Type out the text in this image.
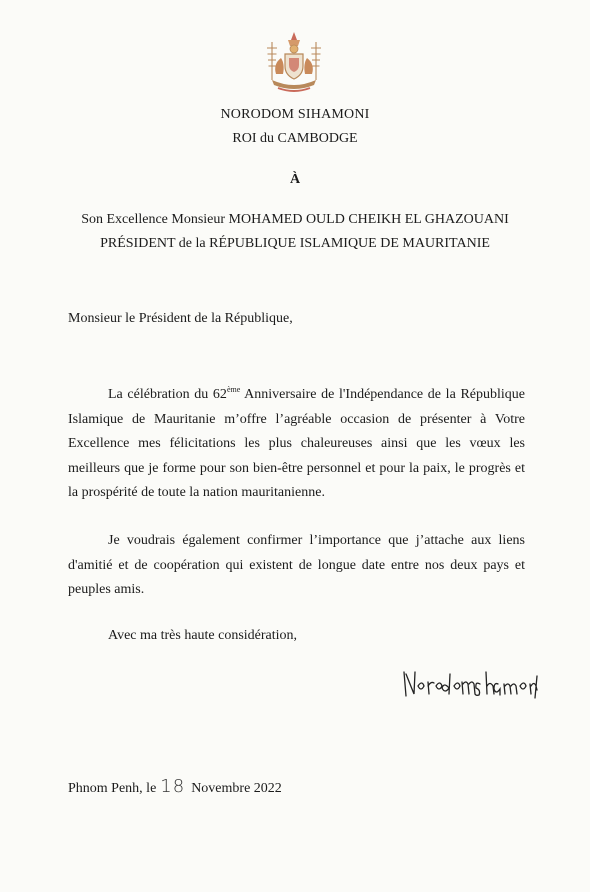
NORODOM SIHAMONI
ROI du CAMBODGE
À
Son Excellence Monsieur MOHAMED OULD CHEIKH EL GHAZOUANI
PRÉSIDENT de la RÉPUBLIQUE ISLAMIQUE DE MAURITANIE
Monsieur le Président de la République,

La célébration du 62ème Anniversaire de l'Indépendance de la République Islamique de Mauritanie m’offre l’agréable occasion de présenter à Votre Excellence mes félicitations les plus chaleureuses ainsi que les vœux les meilleurs que je forme pour son bien-être personnel et pour la paix, le progrès et la prospérité de toute la nation mauritanienne.

Je voudrais également confirmer l’importance que j’attache aux liens d'amitié et de coopération qui existent de longue date entre nos deux pays et peuples amis.

Avec ma très haute considération,
Phnom Penh, le 18 Novembre 2022
